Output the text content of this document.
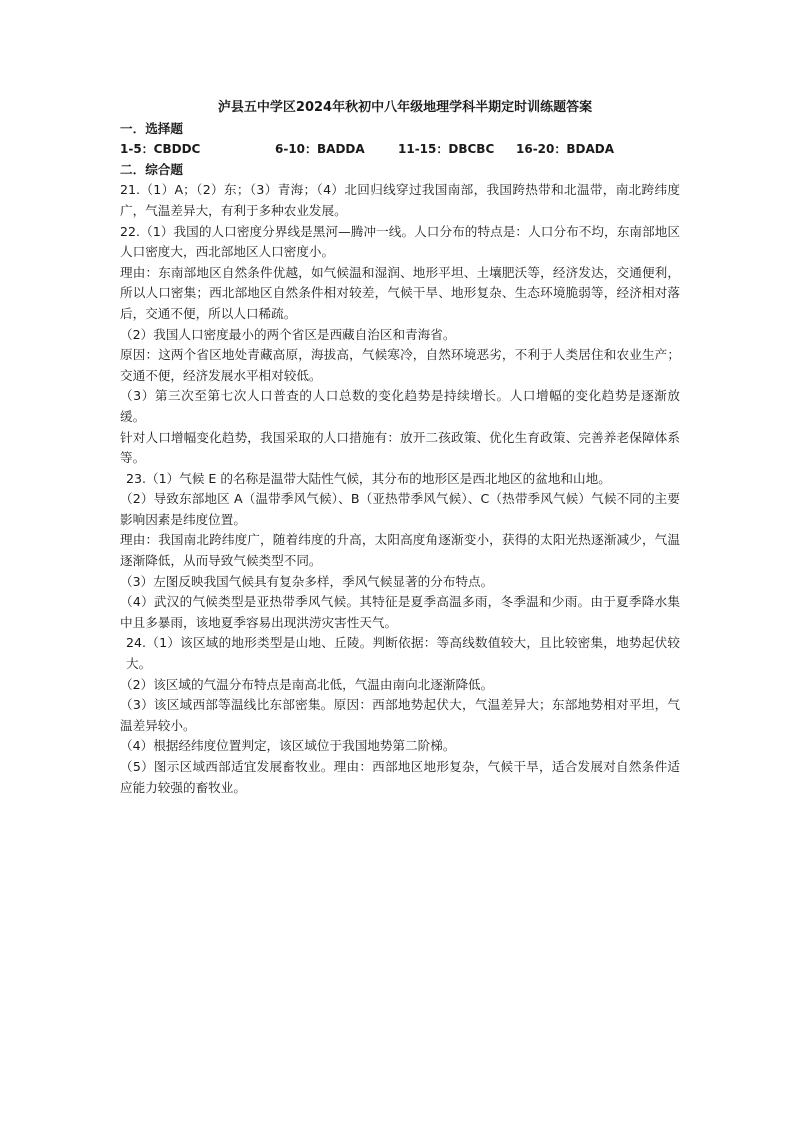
泸县五中学区2024年秋初中八年级地理学科半期定时训练题答案
一．选择题
1-5：CBDDC	6-10：BADDA	11-15：DBCBC	16-20：BDADA
二．综合题

21.（1）A；（2）东；（3）青海；（4）北回归线穿过我国南部，我国跨热带和北温带，南北跨纬度广，气温差异大，有利于多种农业发展。

22.（1）我国的人口密度分界线是黑河—腾冲一线。人口分布的特点是：人口分布不均，东南部地区人口密度大，西北部地区人口密度小。

理由：东南部地区自然条件优越，如气候温和湿润、地形平坦、土壤肥沃等，经济发达，交通便利，所以人口密集；西北部地区自然条件相对较差，气候干旱、地形复杂、生态环境脆弱等，经济相对落后，交通不便，所以人口稀疏。

（2）我国人口密度最小的两个省区是西藏自治区和青海省。

原因：这两个省区地处青藏高原，海拔高，气候寒冷，自然环境恶劣，不利于人类居住和农业生产；交通不便，经济发展水平相对较低。

（3）第三次至第七次人口普查的人口总数的变化趋势是持续增长。人口增幅的变化趋势是逐渐放缓。

针对人口增幅变化趋势，我国采取的人口措施有：放开二孩政策、优化生育政策、完善养老保障体系等。

23.（1）气候 E 的名称是温带大陆性气候，其分布的地形区是西北地区的盆地和山地。

（2）导致东部地区 A（温带季风气候）、B（亚热带季风气候）、C（热带季风气候）气候不同的主要影响因素是纬度位置。

理由：我国南北跨纬度广，随着纬度的升高，太阳高度角逐渐变小，获得的太阳光热逐渐减少，气温逐渐降低，从而导致气候类型不同。

（3）左图反映我国气候具有复杂多样，季风气候显著的分布特点。

（4）武汉的气候类型是亚热带季风气候。其特征是夏季高温多雨，冬季温和少雨。由于夏季降水集中且多暴雨，该地夏季容易出现洪涝灾害性天气。

24.（1）该区域的地形类型是山地、丘陵。判断依据：等高线数值较大，且比较密集，地势起伏较大。

（2）该区域的气温分布特点是南高北低，气温由南向北逐渐降低。

（3）该区域西部等温线比东部密集。原因：西部地势起伏大，气温差异大；东部地势相对平坦，气温差异较小。

（4）根据经纬度位置判定，该区域位于我国地势第二阶梯。

（5）图示区域西部适宜发展畜牧业。理由：西部地区地形复杂，气候干旱，适合发展对自然条件适应能力较强的畜牧业。
